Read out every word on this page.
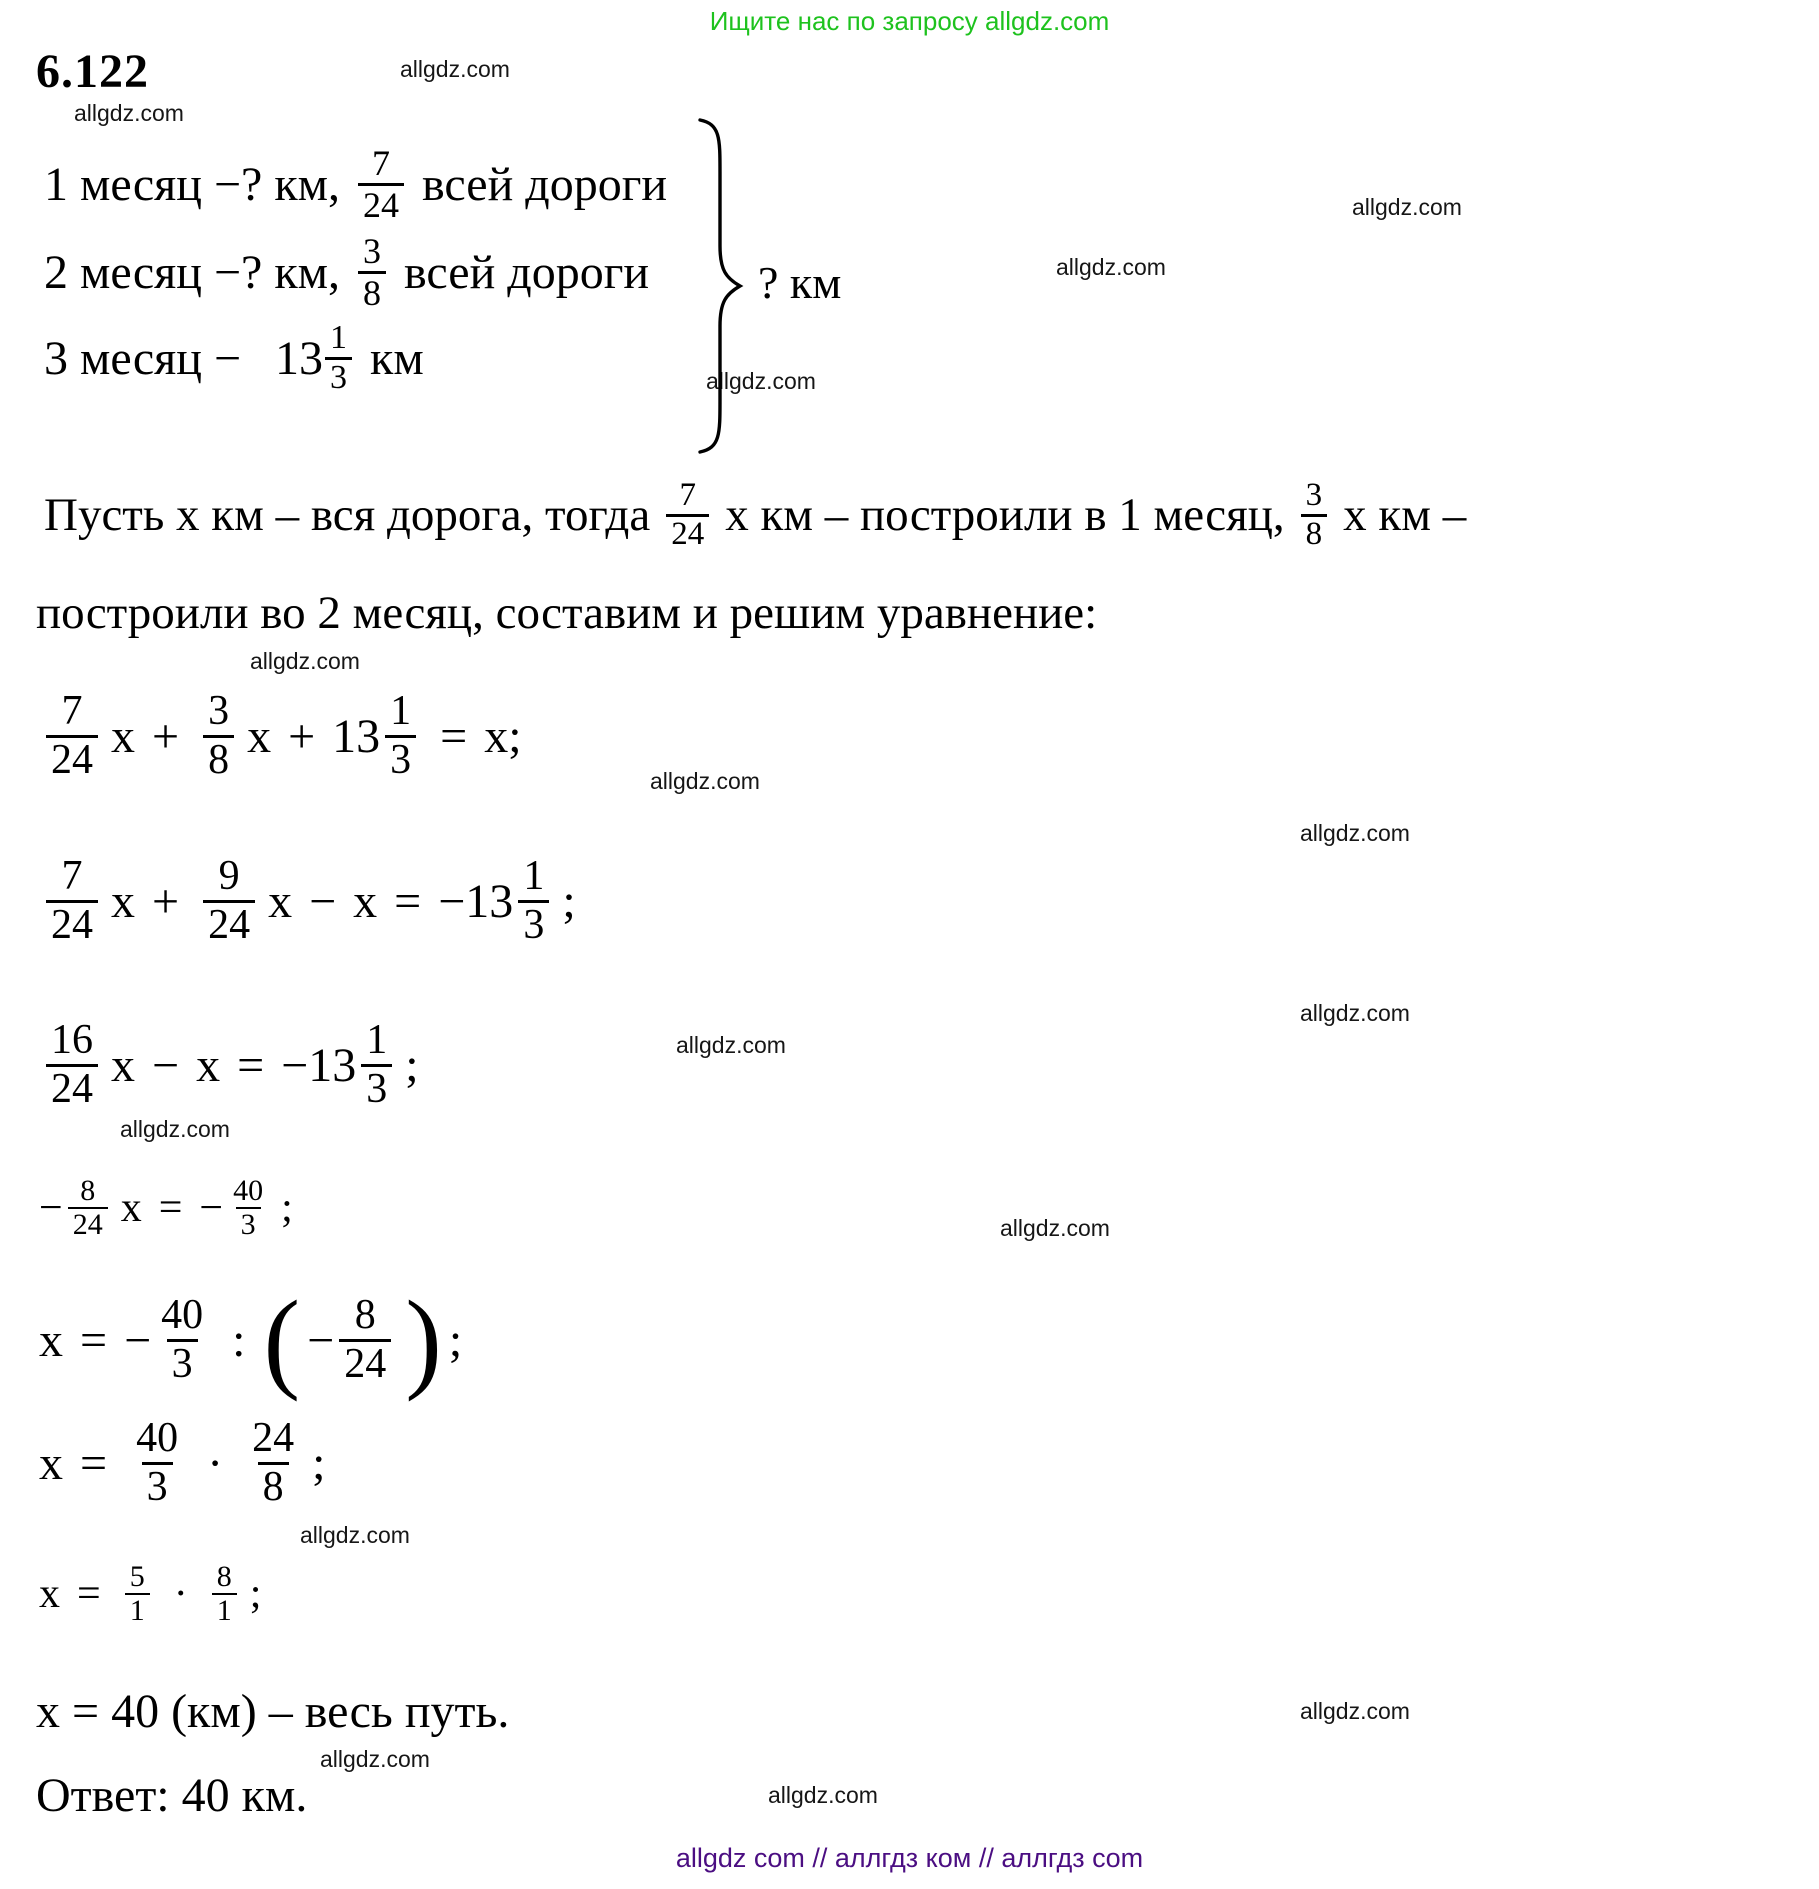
Ищите нас по запросу allgdz.com
6.122	allgdz.com
allgdz.com
allgdz.com
allgdz.com
allgdz.com
allgdz.com
allgdz.com
allgdz.com
allgdz.com
allgdz.com
allgdz.com
allgdz.com
allgdz.com
allgdz.com
allgdz.com
allgdz.com
1 месяц −? км, $\frac{7}{24}$ всей дороги
2 месяц −? км, $\frac{3}{8}$ всей дороги
3 месяц − $13 \frac{1}{3}$ км
? км
Пусть x км – вся дорога, тогда $\frac{7}{24}$ x км – построили в 1 месяц, $\frac{3}{8}$ x км –
построили во 2 месяц, составим и решим уравнение:
$\frac{7}{24}$ $x + \frac{3}{8}$ $x + 13 \frac{1}{3} = x$;
$\frac{7}{24}$ $x + \frac{9}{24}$ $x - x = -13 \frac{1}{3}$ ;
$\frac{16}{24}$ $x - x = -13 \frac{1}{3}$ ;
− $\frac{8}{24}$ x = − $\frac{40}{3}$ ;
x = − $\frac{40}{3}$ : ( − $\frac{8}{24}$ ) ;
$x = \frac{40}{3} \cdot \frac{24}{8}$ ;
$x = \frac{5}{1} \cdot \frac{8}{1}$ ;
x = 40 (км) – весь путь.
Ответ: 40 км.
allgdz com // аллгдз ком // аллгдз com
